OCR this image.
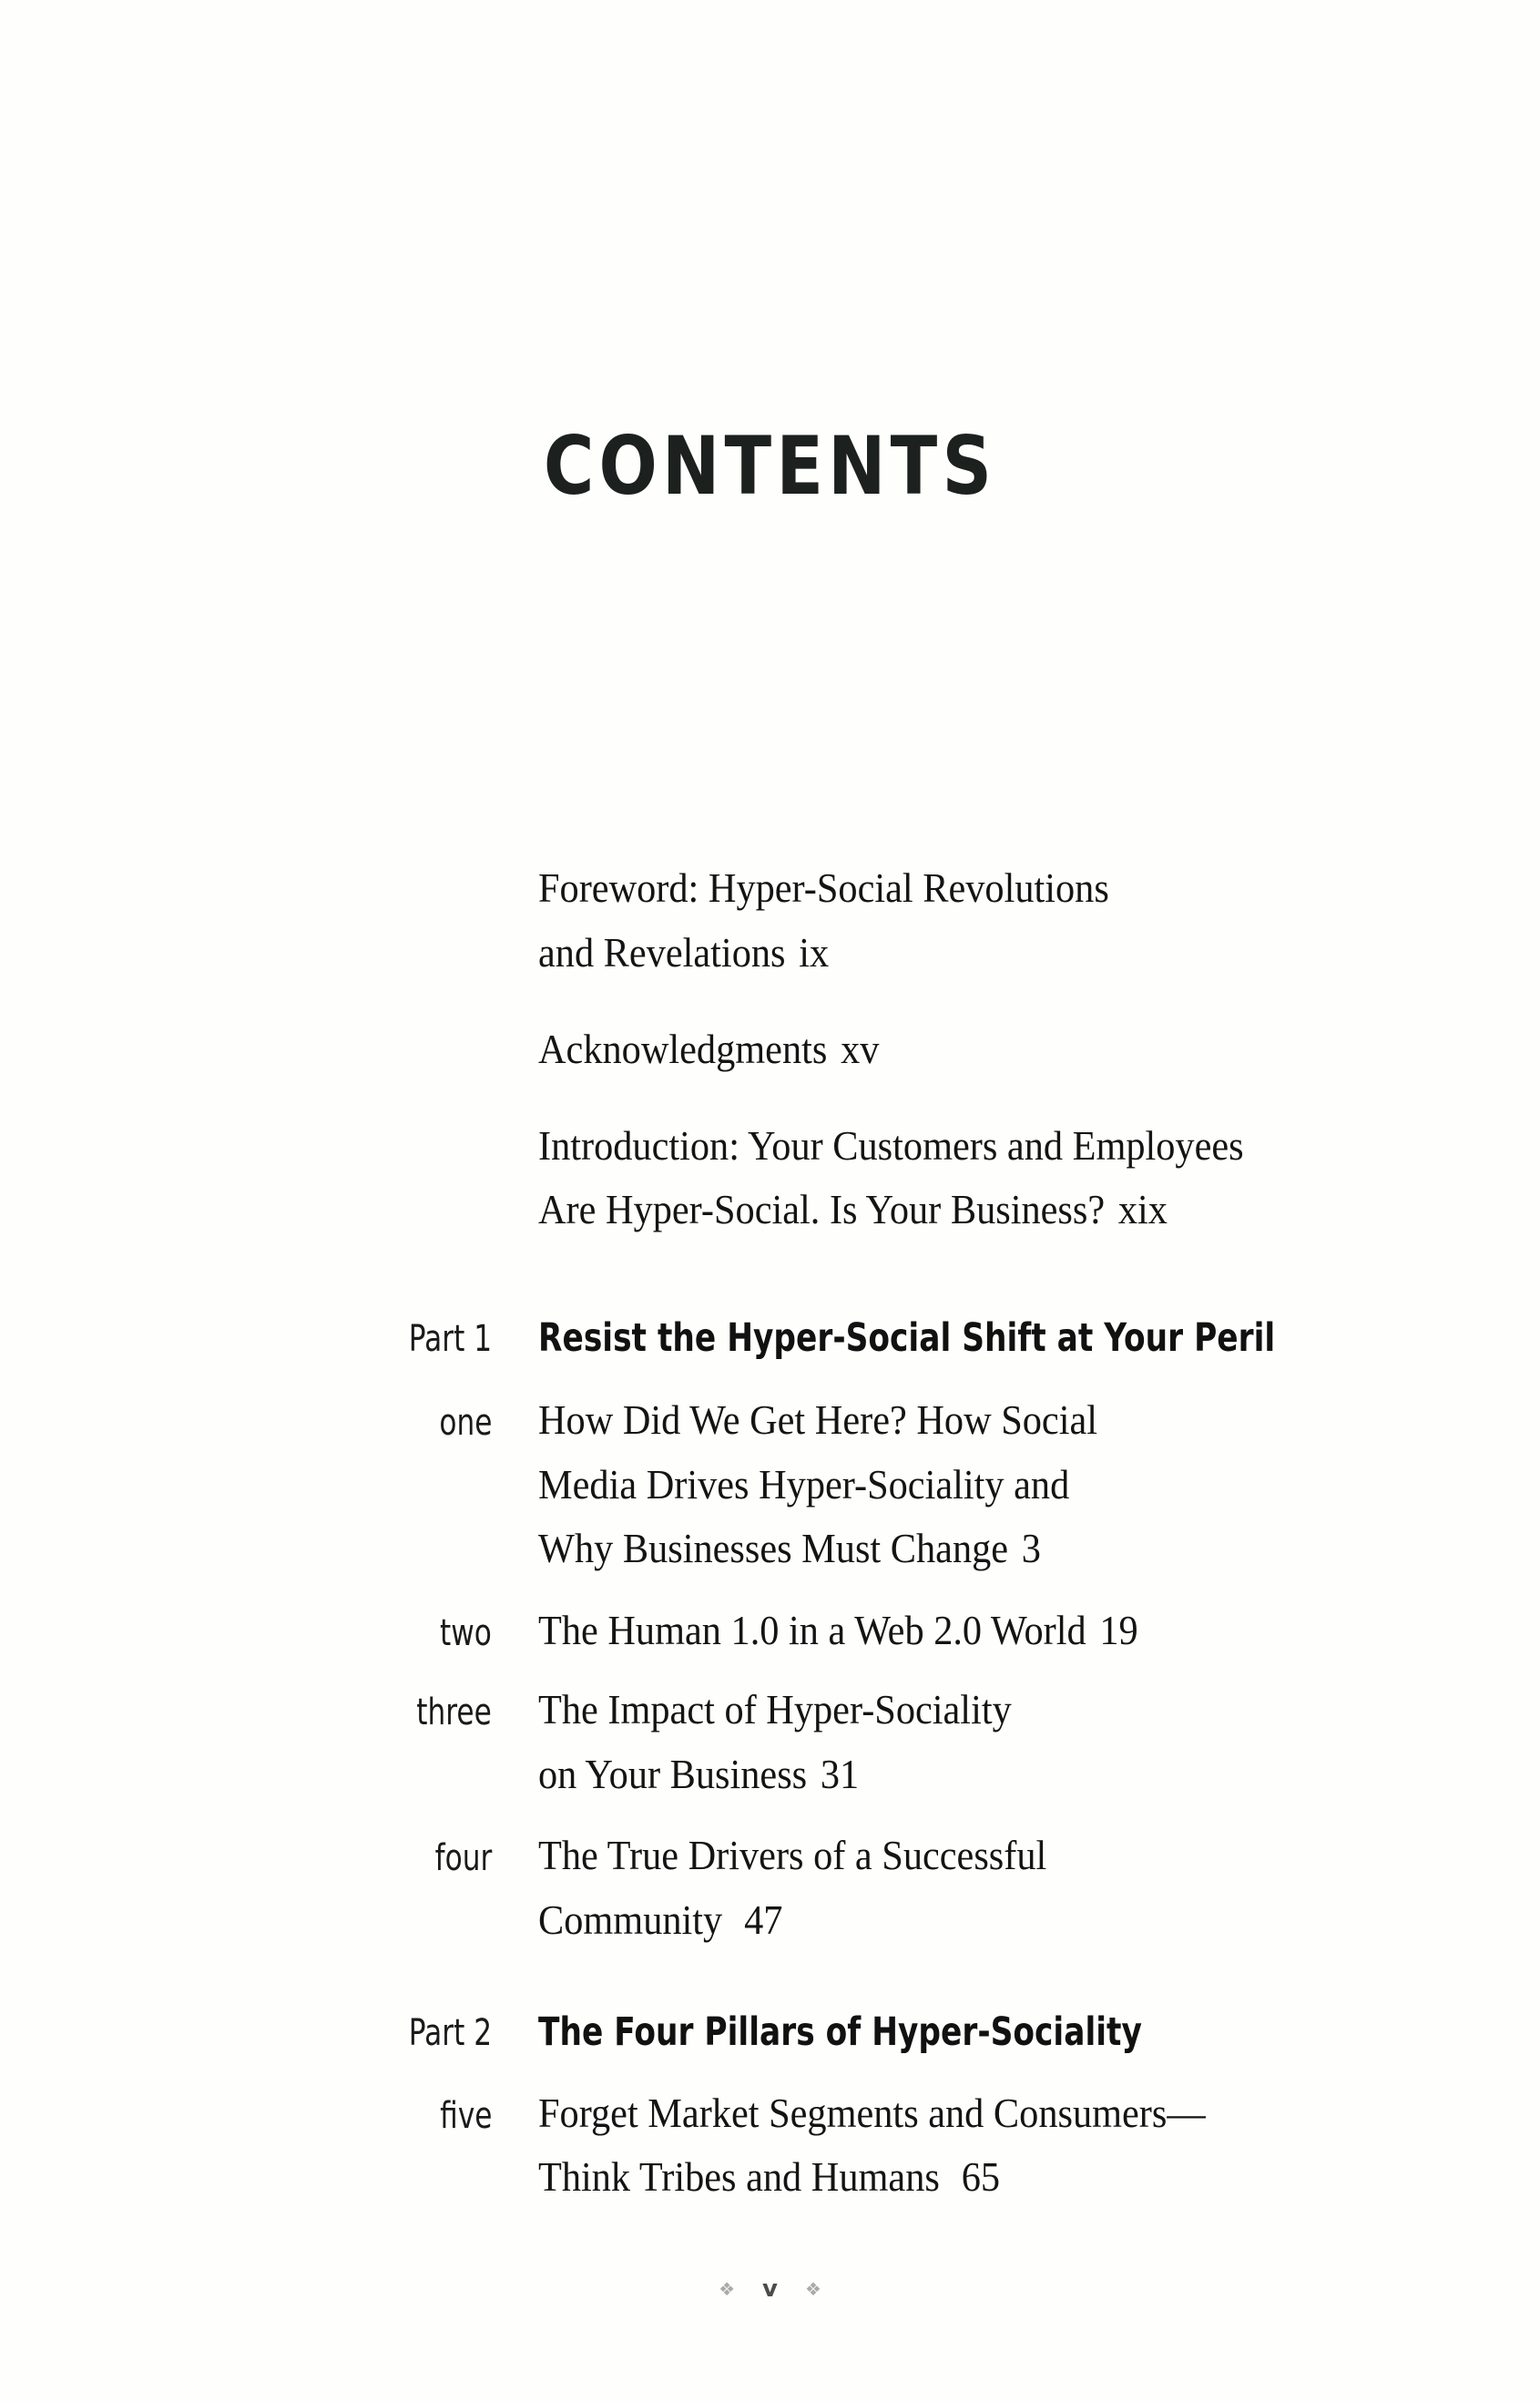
CONTENTS
Foreword: Hyper-Social Revolutions
and Revelations ix
Acknowledgments xv
Introduction: Your Customers and Employees
Are Hyper-Social. Is Your Business? xix
Part 1 Resist the Hyper-Social Shift at Your Peril
one How Did We Get Here? How Social
Media Drives Hyper-Sociality and
Why Businesses Must Change 3
two The Human 1.0 in a Web 2.0 World 19
three The Impact of Hyper-Sociality
on Your Business 31
four The True Drivers of a Successful
Community 47
Part 2 The Four Pillars of Hyper-Sociality
five Forget Market Segments and Consumers—
Think Tribes and Humans 65
❖ v ❖
